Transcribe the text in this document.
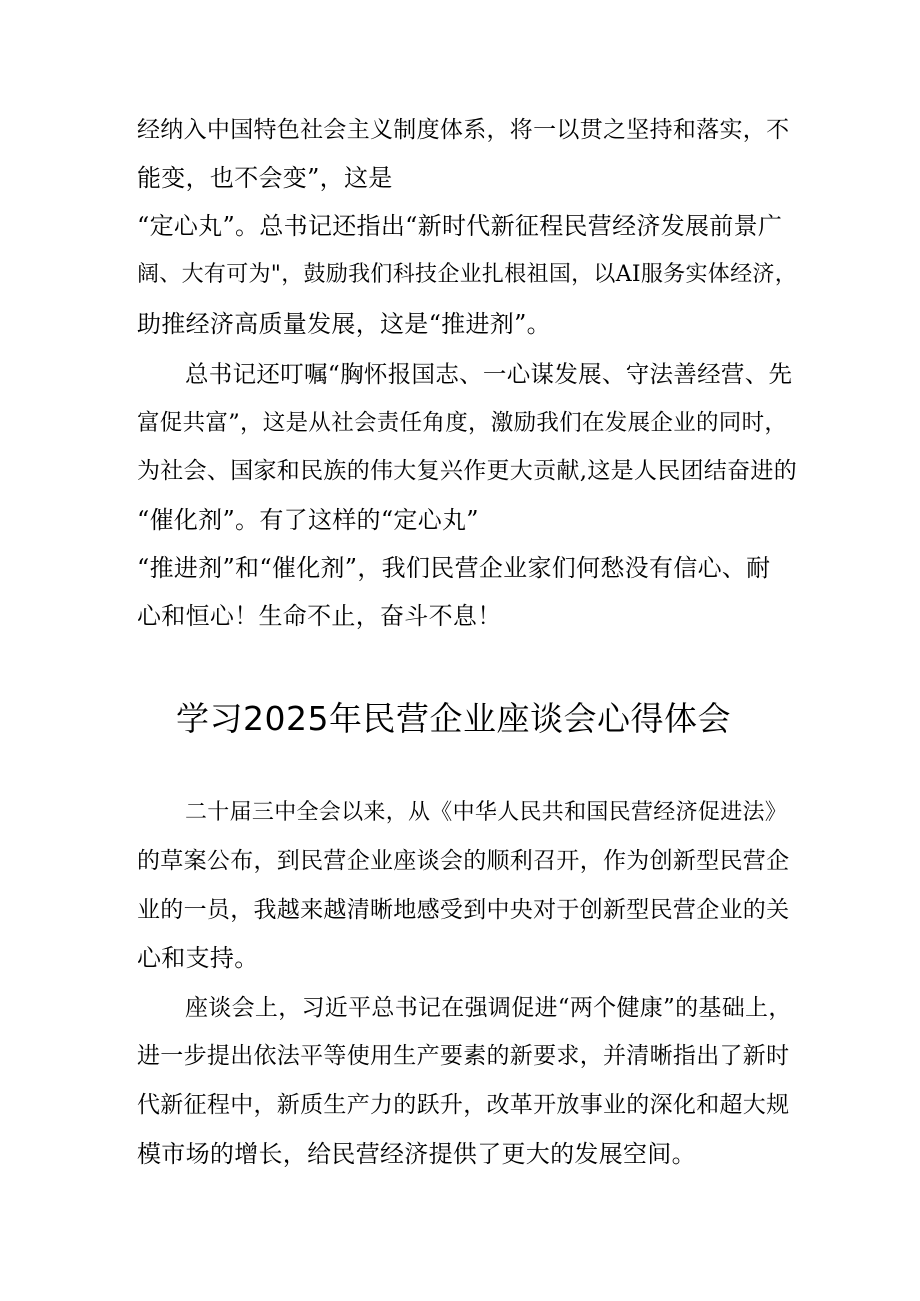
经纳入中国特色社会主义制度体系，将一以贯之坚持和落实，不
能变，也不会变”，这是
“定心丸”。总书记还指出“新时代新征程民营经济发展前景广
阔、大有可为"，鼓励我们科技企业扎根祖国，以AI服务实体经济，
助推经济高质量发展，这是“推进剂”。
总书记还叮嘱“胸怀报国志、一心谋发展、守法善经营、先
富促共富”，这是从社会责任角度，激励我们在发展企业的同时，
为社会、国家和民族的伟大复兴作更大贡献,这是人民团结奋进的
“催化剂”。有了这样的“定心丸”
“推进剂”和“催化剂”，我们民营企业家们何愁没有信心、耐
心和恒心！生命不止，奋斗不息！
学习2025年民营企业座谈会心得体会
二十届三中全会以来，从《中华人民共和国民营经济促进法》
的草案公布，到民营企业座谈会的顺利召开，作为创新型民营企
业的一员，我越来越清晰地感受到中央对于创新型民营企业的关
心和支持。
座谈会上，习近平总书记在强调促进“两个健康”的基础上，
进一步提出依法平等使用生产要素的新要求，并清晰指出了新时
代新征程中，新质生产力的跃升，改革开放事业的深化和超大规
模市场的增长，给民营经济提供了更大的发展空间。
